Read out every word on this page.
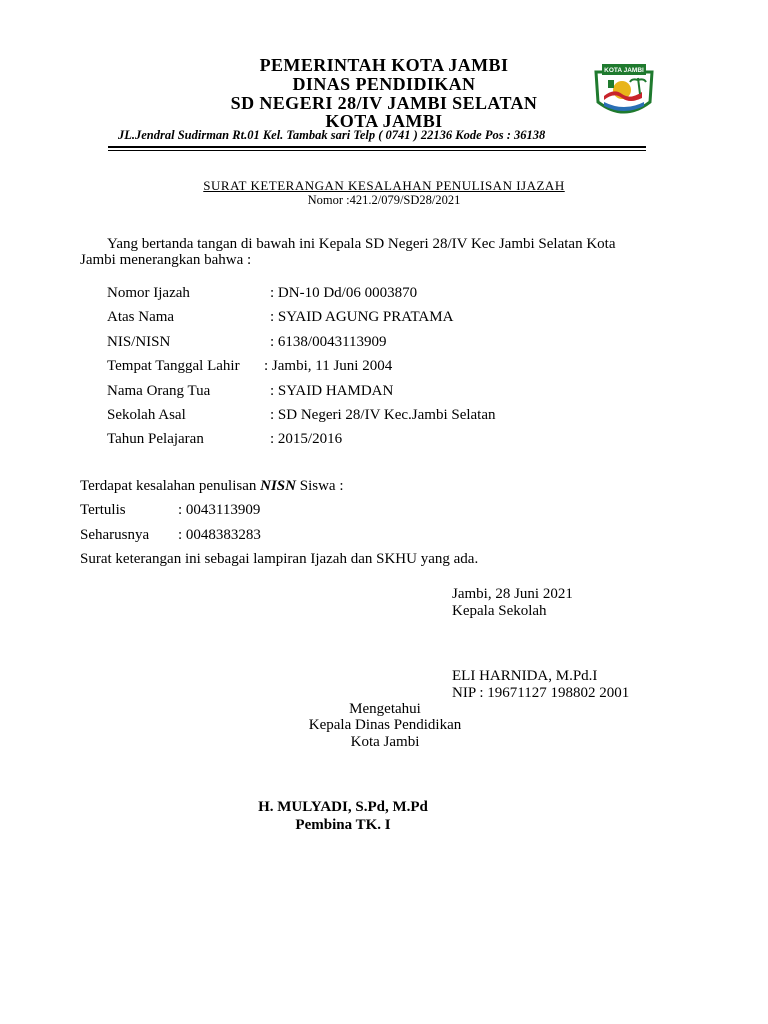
PEMERINTAH KOTA JAMBI
DINAS PENDIDIKAN
SD NEGERI 28/IV JAMBI SELATAN
KOTA JAMBI
KOTA JAMBI
JL.Jendral Sudirman Rt.01 Kel. Tambak sari Telp ( 0741 ) 22136 Kode Pos : 36138
SURAT KETERANGAN KESALAHAN PENULISAN IJAZAH
Nomor :421.2/079/SD28/2021
Yang bertanda tangan di bawah ini Kepala SD Negeri 28/IV Kec Jambi Selatan Kota
Jambi menerangkan bahwa :
Nomor Ijazah	: DN-10 Dd/06 0003870
Atas Nama	: SYAID AGUNG PRATAMA
NIS/NISN	: 6138/0043113909
Tempat Tanggal Lahir : Jambi, 11 Juni 2004
Nama Orang Tua	: SYAID HAMDAN
Sekolah Asal	: SD Negeri 28/IV Kec.Jambi Selatan
Tahun Pelajaran	: 2015/2016
Terdapat kesalahan penulisan NISN Siswa :
Tertulis	: 0043113909
Seharusnya : 0048383283
Surat keterangan ini sebagai lampiran Ijazah dan SKHU yang ada.
Jambi, 28 Juni 2021
Kepala Sekolah
ELI HARNIDA, M.Pd.I
NIP : 19671127 198802 2001
Mengetahui
Kepala Dinas Pendidikan
Kota Jambi
H. MULYADI, S.Pd, M.Pd
Pembina TK. I
